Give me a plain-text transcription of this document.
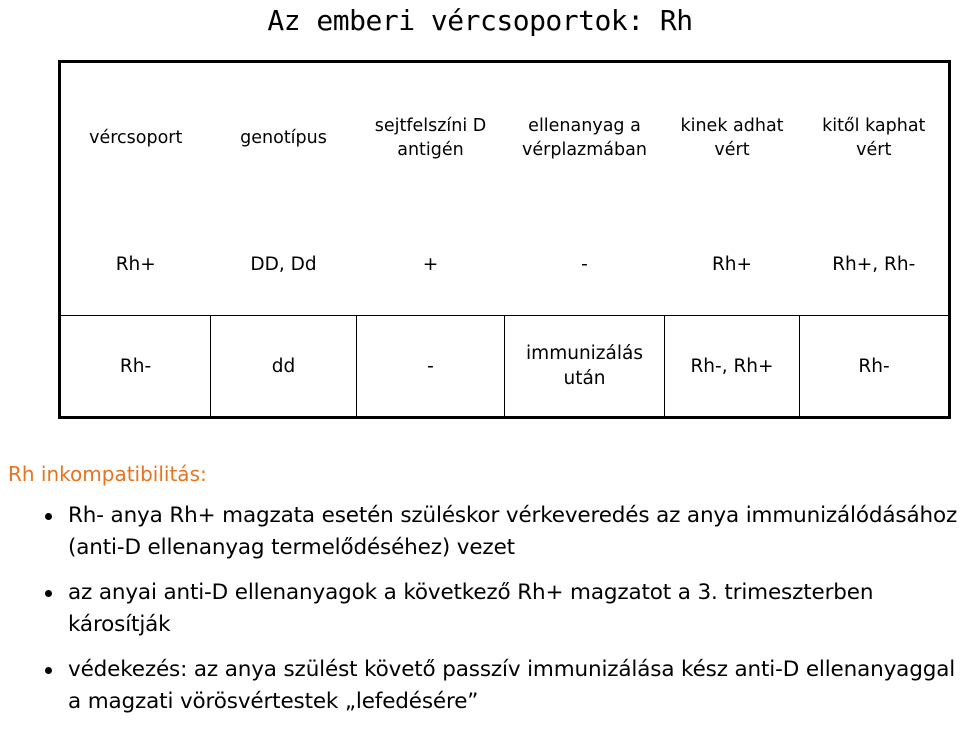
Az emberi vércsoportok: Rh
vércsoport	genotípus	sejtfelszíni D antigén	ellenanyag a vérplazmában	kinek adhat vért	kitől kaphat vért
Rh+	DD, Dd	+	-	Rh+	Rh+, Rh-
Rh-	dd	-	immunizálás után	Rh-, Rh+	Rh-
Rh inkompatibilitás:
Rh- anya Rh+ magzata esetén szüléskor vérkeveredés az anya immunizálódásához (anti-D ellenanyag termelődéséhez) vezet
az anyai anti-D ellenanyagok a következő Rh+ magzatot a 3. trimeszterben károsítják
védekezés: az anya szülést követő passzív immunizálása kész anti-D ellenanyaggal a magzati vörösvértestek „lefedésére”
